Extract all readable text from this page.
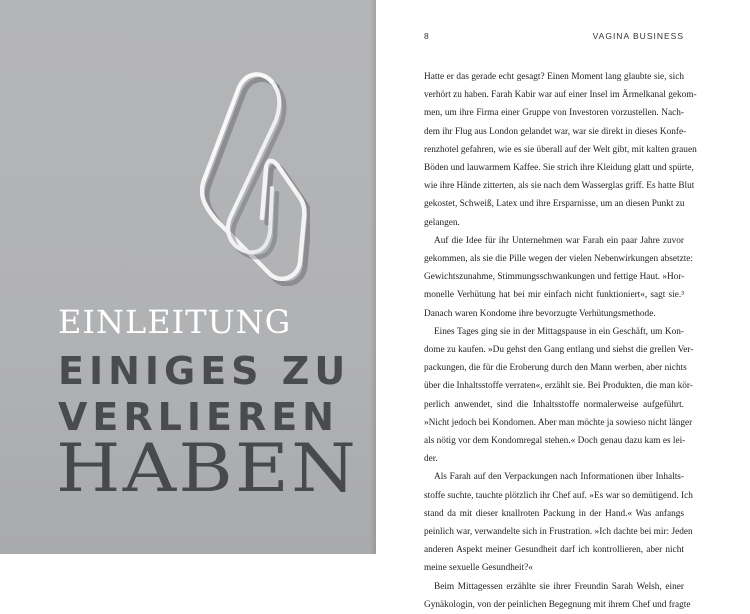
EINLEITUNG
EINIGES ZU
VERLIEREN
HABEN
8	VAGINA BUSINESS

Hatte er das gerade echt gesagt? Einen Moment lang glaubte sie, sich
verhört zu haben. Farah Kabir war auf einer Insel im Ärmelkanal gekom-
men, um ihre Firma einer Gruppe von Investoren vorzustellen. Nach-
dem ihr Flug aus London gelandet war, war sie direkt in dieses Konfe-
renzhotel gefahren, wie es sie überall auf der Welt gibt, mit kalten grauen
Böden und lauwarmem Kaffee. Sie strich ihre Kleidung glatt und spürte,
wie ihre Hände zitterten, als sie nach dem Wasserglas griff. Es hatte Blut
gekostet, Schweiß, Latex und ihre Ersparnisse, um an diesen Punkt zu
gelangen.

Auf die Idee für ihr Unternehmen war Farah ein paar Jahre zuvor
gekommen, als sie die Pille wegen der vielen Nebenwirkungen absetzte:
Gewichtszunahme, Stimmungsschwankungen und fettige Haut. »Hor-
monelle Verhütung hat bei mir einfach nicht funktioniert«, sagt sie.³
Danach waren Kondome ihre bevorzugte Verhütungsmethode.

Eines Tages ging sie in der Mittagspause in ein Geschäft, um Kon-
dome zu kaufen. »Du gehst den Gang entlang und siehst die grellen Ver-
packungen, die für die Eroberung durch den Mann werben, aber nichts
über die Inhaltsstoffe verraten«, erzählt sie. Bei Produkten, die man kör-
perlich anwendet, sind die Inhaltsstoffe normalerweise aufgeführt.
»Nicht jedoch bei Kondomen. Aber man möchte ja sowieso nicht länger
als nötig vor dem Kondomregal stehen.« Doch genau dazu kam es lei-
der.

Als Farah auf den Verpackungen nach Informationen über Inhalts-
stoffe suchte, tauchte plötzlich ihr Chef auf. »Es war so demütigend. Ich
stand da mit dieser knallroten Packung in der Hand.« Was anfangs
peinlich war, verwandelte sich in Frustration. »Ich dachte bei mir: Jeden
anderen Aspekt meiner Gesundheit darf ich kontrollieren, aber nicht
meine sexuelle Gesundheit?«

Beim Mittagessen erzählte sie ihrer Freundin Sarah Welsh, einer
Gynäkologin, von der peinlichen Begegnung mit ihrem Chef und fragte
